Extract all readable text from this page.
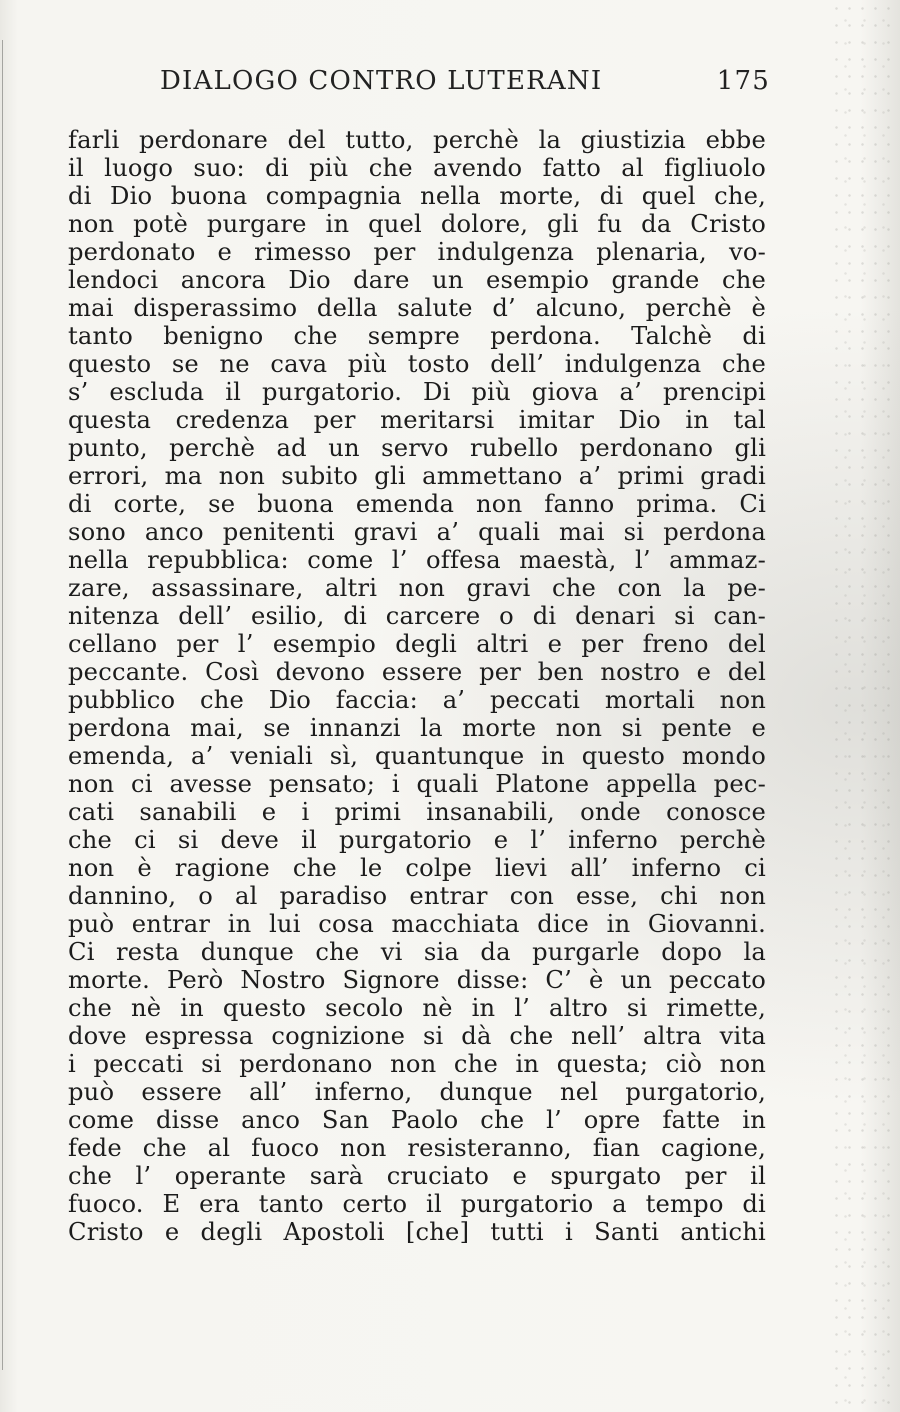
DIALOGO CONTRO LUTERANI	175
farli perdonare del tutto, perchè la giustizia ebbe
il luogo suo: di più che avendo fatto al figliuolo
di Dio buona compagnia nella morte, di quel che,
non potè purgare in quel dolore, gli fu da Cristo
perdonato e rimesso per indulgenza plenaria, vo-
lendoci ancora Dio dare un esempio grande che
mai disperassimo della salute d’ alcuno, perchè è
tanto benigno che sempre perdona. Talchè di
questo se ne cava più tosto dell’ indulgenza che
s’ escluda il purgatorio. Di più giova a’ prencipi
questa credenza per meritarsi imitar Dio in tal
punto, perchè ad un servo rubello perdonano gli
errori, ma non subito gli ammettano a’ primi gradi
di corte, se buona emenda non fanno prima. Ci
sono anco penitenti gravi a’ quali mai si perdona
nella repubblica: come l’ offesa maestà, l’ ammaz-
zare, assassinare, altri non gravi che con la pe-
nitenza dell’ esilio, di carcere o di denari si can-
cellano per l’ esempio degli altri e per freno del
peccante. Così devono essere per ben nostro e del
pubblico che Dio faccia: a’ peccati mortali non
perdona mai, se innanzi la morte non si pente e
emenda, a’ veniali sì, quantunque in questo mondo
non ci avesse pensato; i quali Platone appella pec-
cati sanabili e i primi insanabili, onde conosce
che ci si deve il purgatorio e l’ inferno perchè
non è ragione che le colpe lievi all’ inferno ci
dannino, o al paradiso entrar con esse, chi non
può entrar in lui cosa macchiata dice in Giovanni.
Ci resta dunque che vi sia da purgarle dopo la
morte. Però Nostro Signore disse: C’ è un peccato
che nè in questo secolo nè in l’ altro si rimette,
dove espressa cognizione si dà che nell’ altra vita
i peccati si perdonano non che in questa; ciò non
può essere all’ inferno, dunque nel purgatorio,
come disse anco San Paolo che l’ opre fatte in
fede che al fuoco non resisteranno, fian cagione,
che l’ operante sarà cruciato e spurgato per il
fuoco. E era tanto certo il purgatorio a tempo di
Cristo e degli Apostoli [che] tutti i Santi antichi
